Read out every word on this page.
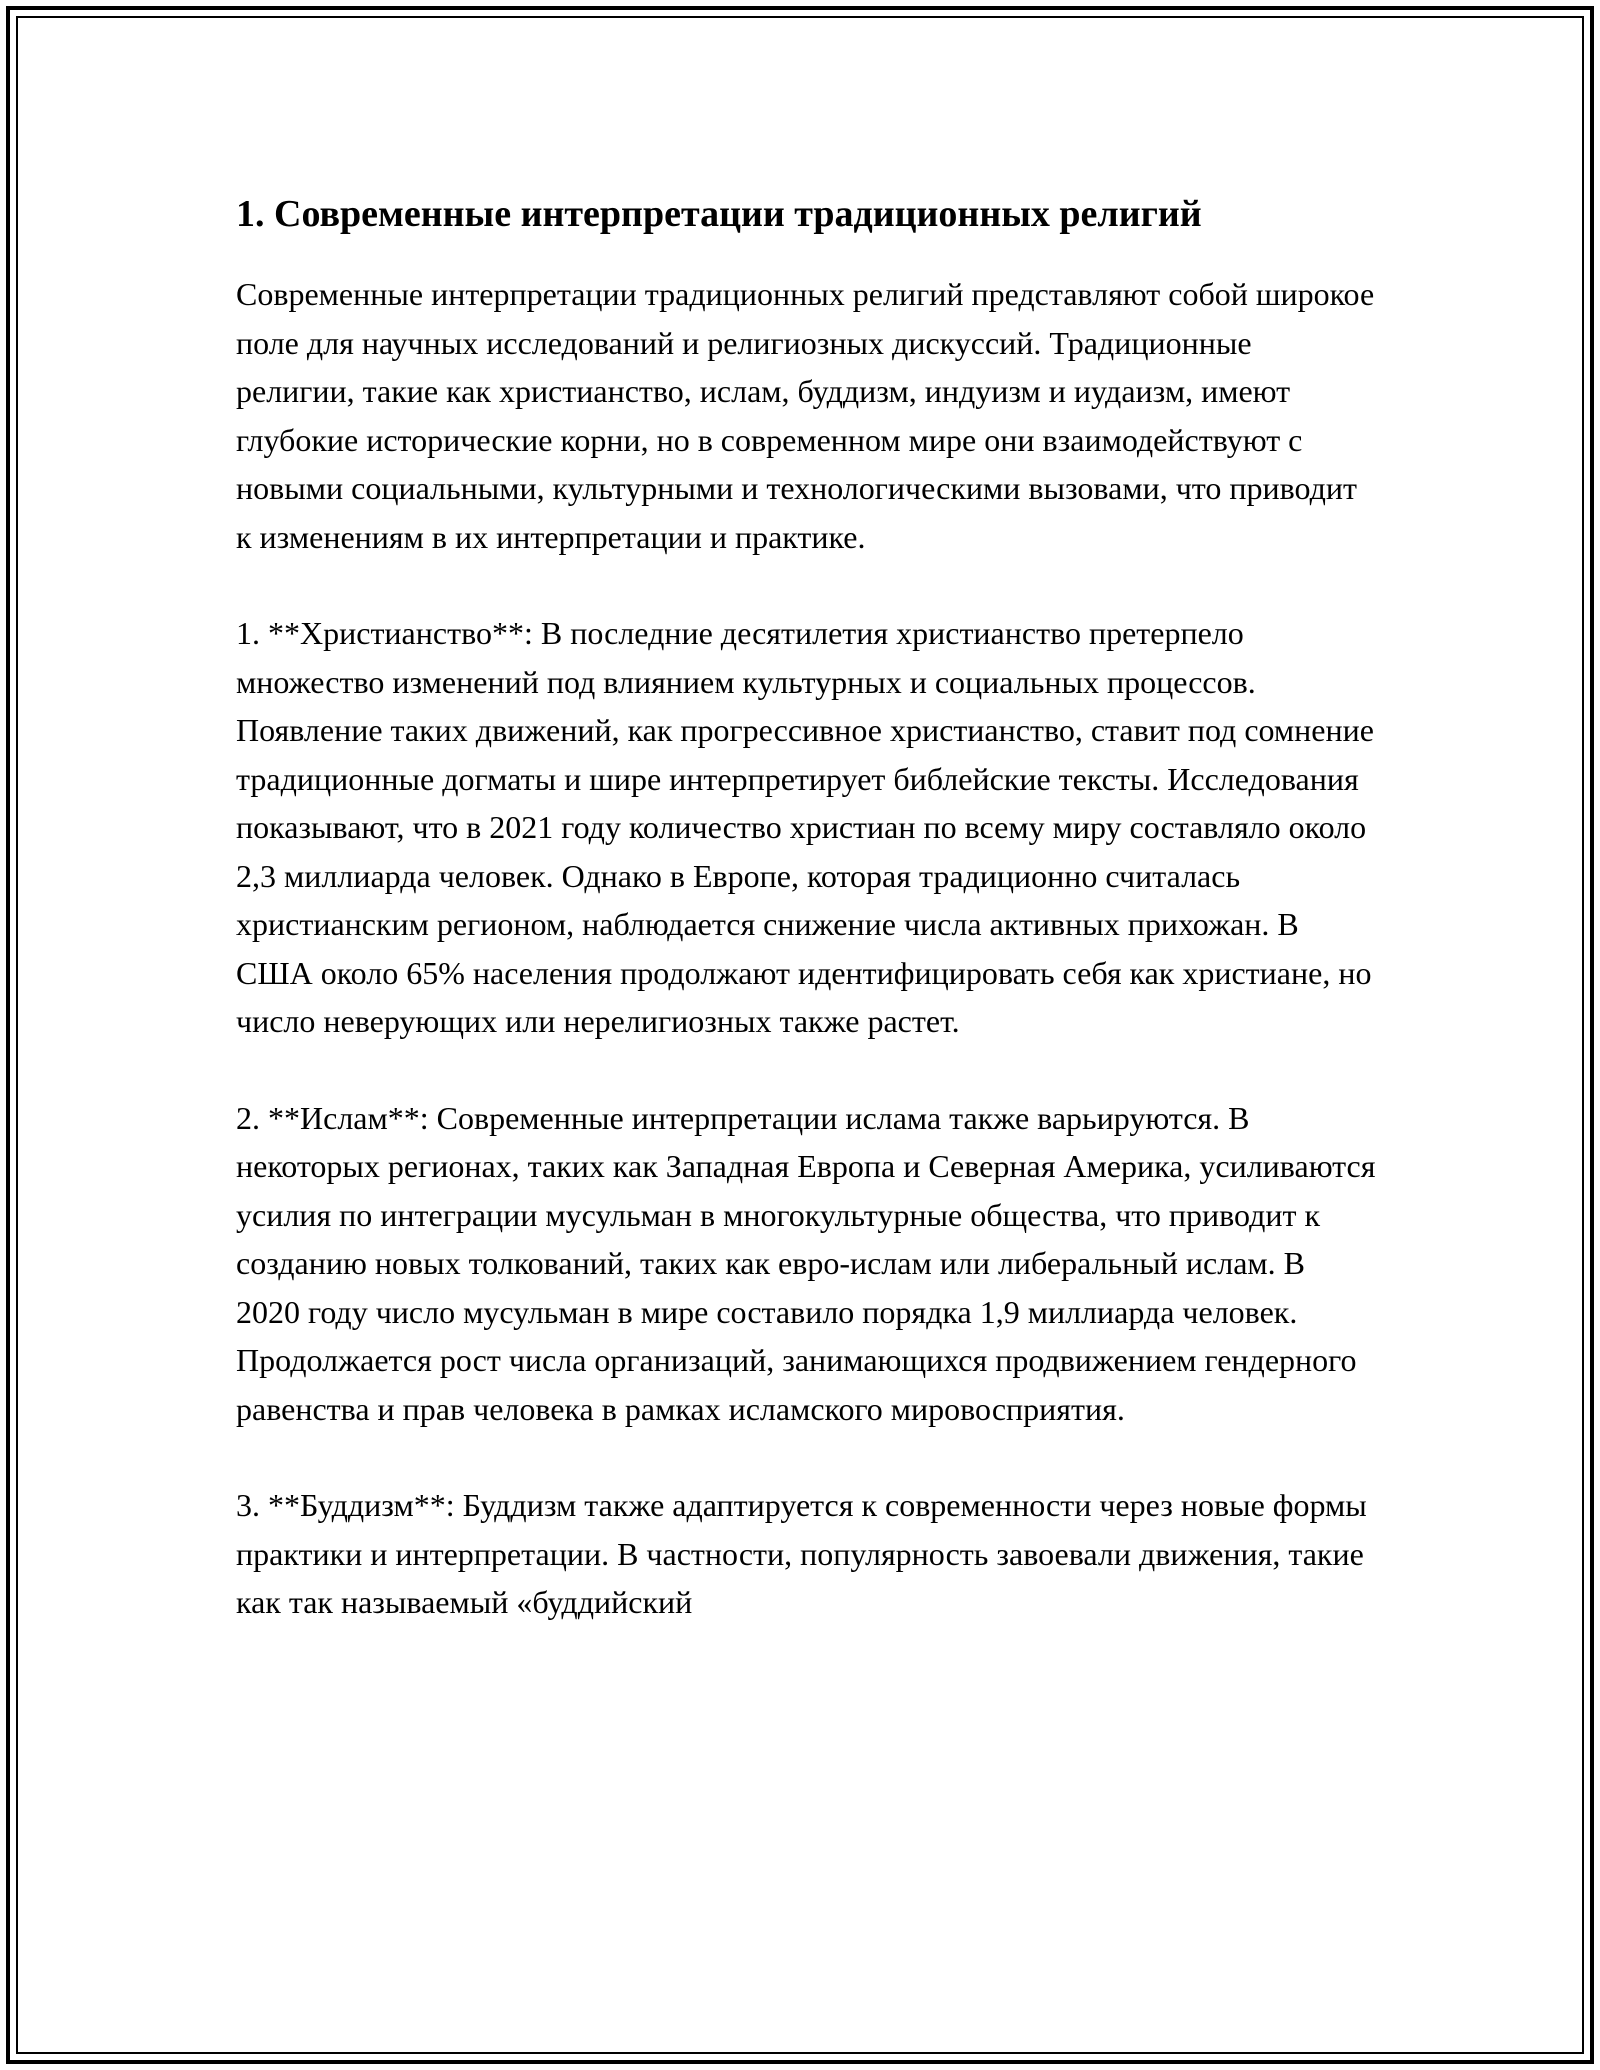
1. Современные интерпретации традиционных религий

Современные интерпретации традиционных религий представляют собой широкое поле для научных исследований и религиозных дискуссий. Традиционные религии, такие как христианство, ислам, буддизм, индуизм и иудаизм, имеют глубокие исторические корни, но в современном мире они взаимодействуют с новыми социальными, культурными и технологическими вызовами, что приводит к изменениям в их интерпретации и практике.

1. **Христианство**: В последние десятилетия христианство претерпело множество изменений под влиянием культурных и социальных процессов. Появление таких движений, как прогрессивное христианство, ставит под сомнение традиционные догматы и шире интерпретирует библейские тексты. Исследования показывают, что в 2021 году количество христиан по всему миру составляло около 2,3 миллиарда человек. Однако в Европе, которая традиционно считалась христианским регионом, наблюдается снижение числа активных прихожан. В США около 65% населения продолжают идентифицировать себя как христиане, но число неверующих или нерелигиозных также растет.

2. **Ислам**: Современные интерпретации ислама также варьируются. В некоторых регионах, таких как Западная Европа и Северная Америка, усиливаются усилия по интеграции мусульман в многокультурные общества, что приводит к созданию новых толкований, таких как евро-ислам или либеральный ислам. В 2020 году число мусульман в мире составило порядка 1,9 миллиарда человек. Продолжается рост числа организаций, занимающихся продвижением гендерного равенства и прав человека в рамках исламского мировосприятия.

3. **Буддизм**: Буддизм также адаптируется к современности через новые формы практики и интерпретации. В частности, популярность завоевали движения, такие как так называемый «буддийский
